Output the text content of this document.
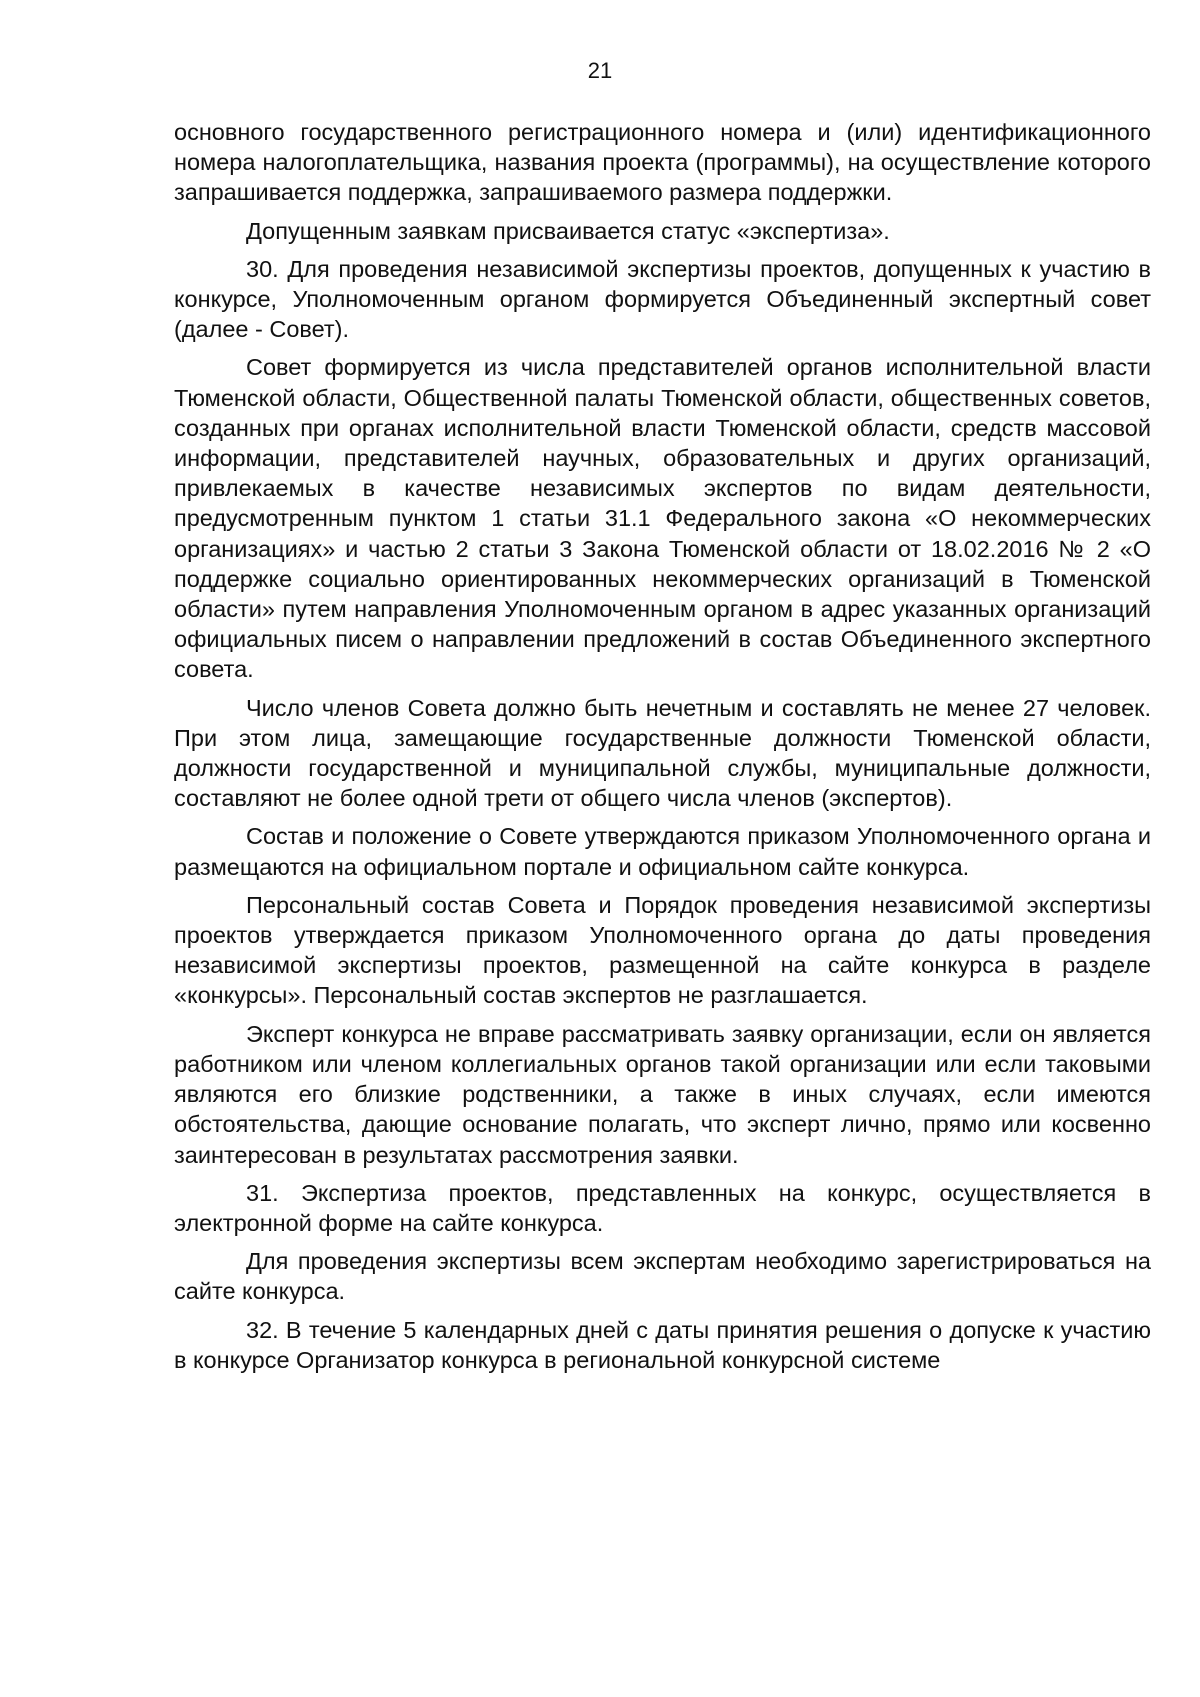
21

основного государственного регистрационного номера и (или) идентификационного номера налогоплательщика, названия проекта (программы), на осуществление которого запрашивается поддержка, запрашиваемого размера поддержки.

Допущенным заявкам присваивается статус «экспертиза».

30. Для проведения независимой экспертизы проектов, допущенных к участию в конкурсе, Уполномоченным органом формируется Объединенный экспертный совет (далее - Совет).

Совет формируется из числа представителей органов исполнительной власти Тюменской области, Общественной палаты Тюменской области, общественных советов, созданных при органах исполнительной власти Тюменской области, средств массовой информации, представителей научных, образовательных и других организаций, привлекаемых в качестве независимых экспертов по видам деятельности, предусмотренным пунктом 1 статьи 31.1 Федерального закона «О некоммерческих организациях» и частью 2 статьи 3 Закона Тюменской области от 18.02.2016 № 2 «О поддержке социально ориентированных некоммерческих организаций в Тюменской области» путем направления Уполномоченным органом в адрес указанных организаций официальных писем о направлении предложений в состав Объединенного экспертного совета.

Число членов Совета должно быть нечетным и составлять не менее 27 человек. При этом лица, замещающие государственные должности Тюменской области, должности государственной и муниципальной службы, муниципальные должности, составляют не более одной трети от общего числа членов (экспертов).

Состав и положение о Совете утверждаются приказом Уполномоченного органа и размещаются на официальном портале и официальном сайте конкурса.

Персональный состав Совета и Порядок проведения независимой экспертизы проектов утверждается приказом Уполномоченного органа до даты проведения независимой экспертизы проектов, размещенной на сайте конкурса в разделе «конкурсы». Персональный состав экспертов не разглашается.

Эксперт конкурса не вправе рассматривать заявку организации, если он является работником или членом коллегиальных органов такой организации или если таковыми являются его близкие родственники, а также в иных случаях, если имеются обстоятельства, дающие основание полагать, что эксперт лично, прямо или косвенно заинтересован в результатах рассмотрения заявки.

31. Экспертиза проектов, представленных на конкурс, осуществляется в электронной форме на сайте конкурса.

Для проведения экспертизы всем экспертам необходимо зарегистрироваться на сайте конкурса.

32. В течение 5 календарных дней с даты принятия решения о допуске к участию в конкурсе Организатор конкурса в региональной конкурсной системе
